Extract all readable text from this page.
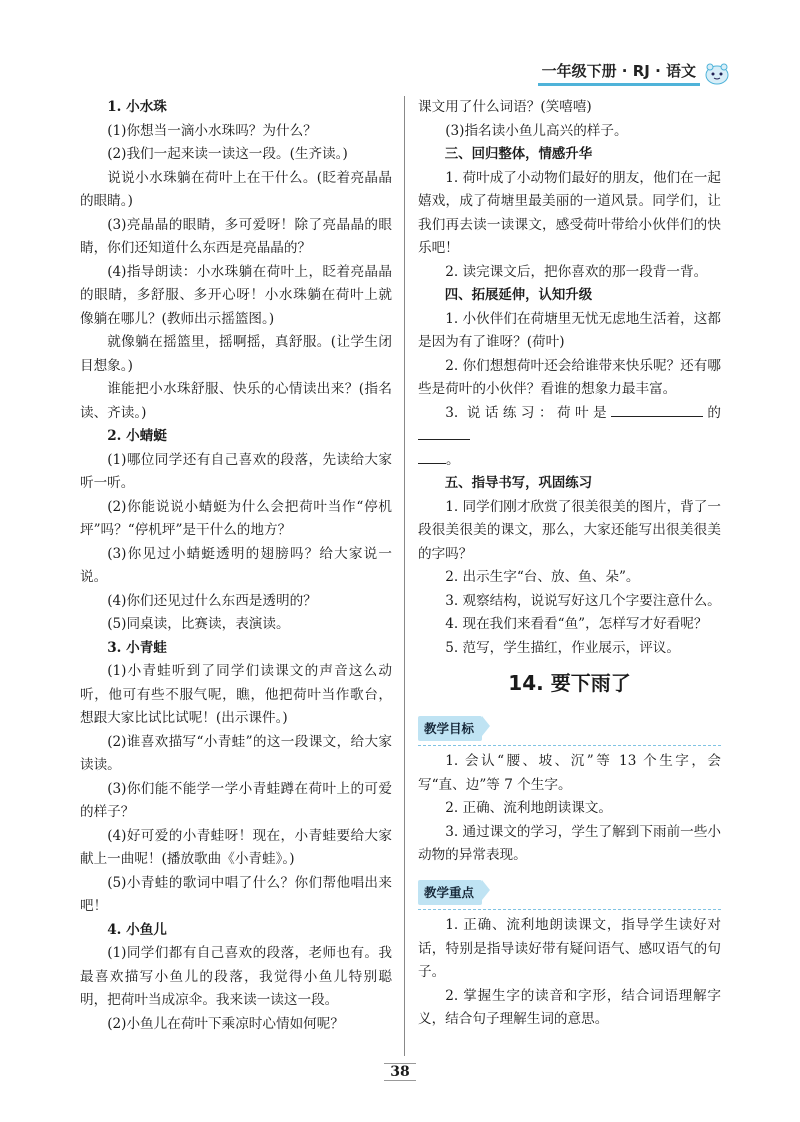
一年级下册 · RJ · 语文

1. 小水珠

(1)你想当一滴小水珠吗？为什么？

(2)我们一起来读一读这一段。(生齐读。)

说说小水珠躺在荷叶上在干什么。(眨着亮晶晶的眼睛。)

(3)亮晶晶的眼睛，多可爱呀！除了亮晶晶的眼睛，你们还知道什么东西是亮晶晶的？

(4)指导朗读：小水珠躺在荷叶上，眨着亮晶晶的眼睛，多舒服、多开心呀！小水珠躺在荷叶上就像躺在哪儿？(教师出示摇篮图。)

就像躺在摇篮里，摇啊摇，真舒服。(让学生闭目想象。)

谁能把小水珠舒服、快乐的心情读出来？(指名读、齐读。)

2. 小蜻蜓

(1)哪位同学还有自己喜欢的段落，先读给大家听一听。

(2)你能说说小蜻蜓为什么会把荷叶当作“停机坪”吗？“停机坪”是干什么的地方？

(3)你见过小蜻蜓透明的翅膀吗？给大家说一说。

(4)你们还见过什么东西是透明的？

(5)同桌读，比赛读，表演读。

3. 小青蛙

(1)小青蛙听到了同学们读课文的声音这么动听，他可有些不服气呢，瞧，他把荷叶当作歌台，想跟大家比试比试呢！(出示课件。)

(2)谁喜欢描写“小青蛙”的这一段课文，给大家读读。

(3)你们能不能学一学小青蛙蹲在荷叶上的可爱的样子？

(4)好可爱的小青蛙呀！现在，小青蛙要给大家献上一曲呢！(播放歌曲《小青蛙》。)

(5)小青蛙的歌词中唱了什么？你们帮他唱出来吧！

4. 小鱼儿

(1)同学们都有自己喜欢的段落，老师也有。我最喜欢描写小鱼儿的段落，我觉得小鱼儿特别聪明，把荷叶当成凉伞。我来读一读这一段。

(2)小鱼儿在荷叶下乘凉时心情如何呢？

课文用了什么词语？(笑嘻嘻)

(3)指名读小鱼儿高兴的样子。

三、回归整体，情感升华

1. 荷叶成了小动物们最好的朋友，他们在一起嬉戏，成了荷塘里最美丽的一道风景。同学们，让我们再去读一读课文，感受荷叶带给小伙伴们的快乐吧！

2. 读完课文后，把你喜欢的那一段背一背。

四、拓展延伸，认知升级

1. 小伙伴们在荷塘里无忧无虑地生活着，这都是因为有了谁呀？(荷叶)

2. 你们想想荷叶还会给谁带来快乐呢？还有哪些是荷叶的小伙伴？看谁的想象力最丰富。

3. 说话练习：荷叶是	的
。

五、指导书写，巩固练习

1. 同学们刚才欣赏了很美很美的图片，背了一段很美很美的课文，那么，大家还能写出很美很美的字吗？

2. 出示生字“台、放、鱼、朵”。

3. 观察结构，说说写好这几个字要注意什么。

4. 现在我们来看看“鱼”，怎样写才好看呢？

5. 范写，学生描红，作业展示，评议。

14. 要下雨了

教学目标

1. 会认“腰、坡、沉”等 13 个生字，会写“直、边”等 7 个生字。

2. 正确、流利地朗读课文。

3. 通过课文的学习，学生了解到下雨前一些小动物的异常表现。

教学重点

1. 正确、流利地朗读课文，指导学生读好对话，特别是指导读好带有疑问语气、感叹语气的句子。

2. 掌握生字的读音和字形，结合词语理解字义，结合句子理解生词的意思。

38
